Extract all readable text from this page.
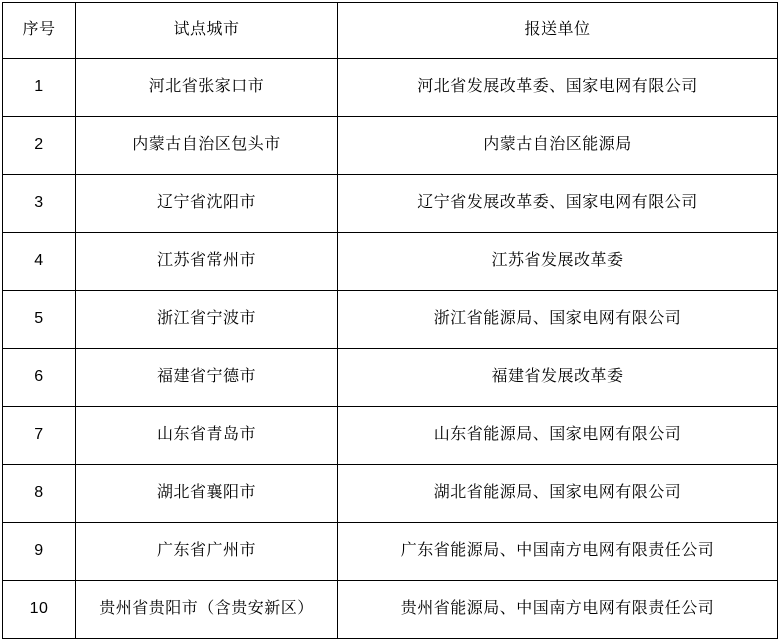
序号	试点城市	报送单位
1	河北省张家口市	河北省发展改革委、国家电网有限公司
2	内蒙古自治区包头市	内蒙古自治区能源局
3	辽宁省沈阳市	辽宁省发展改革委、国家电网有限公司
4	江苏省常州市	江苏省发展改革委
5	浙江省宁波市	浙江省能源局、国家电网有限公司
6	福建省宁德市	福建省发展改革委
7	山东省青岛市	山东省能源局、国家电网有限公司
8	湖北省襄阳市	湖北省能源局、国家电网有限公司
9	广东省广州市	广东省能源局、中国南方电网有限责任公司
10	贵州省贵阳市（含贵安新区）	贵州省能源局、中国南方电网有限责任公司
